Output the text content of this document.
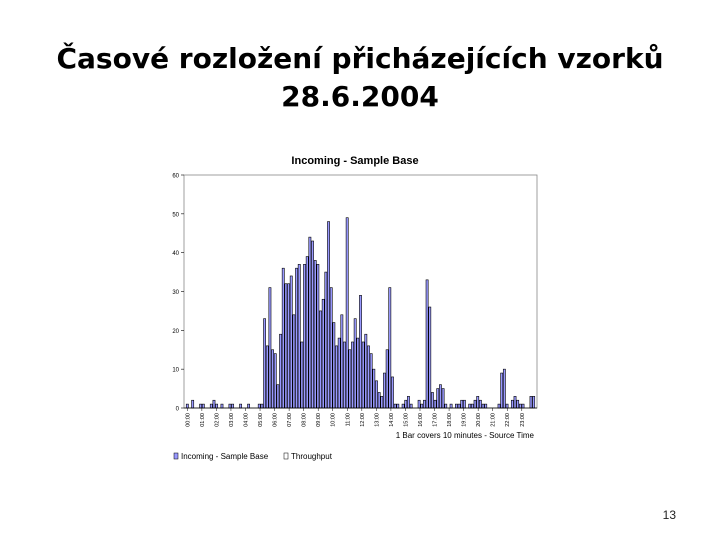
Časové rozložení přicházejících vzorků
28.6.2004
Incoming - Sample Base
0
10
20
30
40
50
60
00:00 01:00 02:00 03:00 04:00 05:00 06:00 07:00 08:00 09:00 10:00 11:00 12:00 13:00 14:00 15:00 16:00 17:00 18:00 19:00 20:00 21:00 22:00 23:00
1 Bar covers 10 minutes - Source Time
Incoming - Sample Base	Throughput
13
